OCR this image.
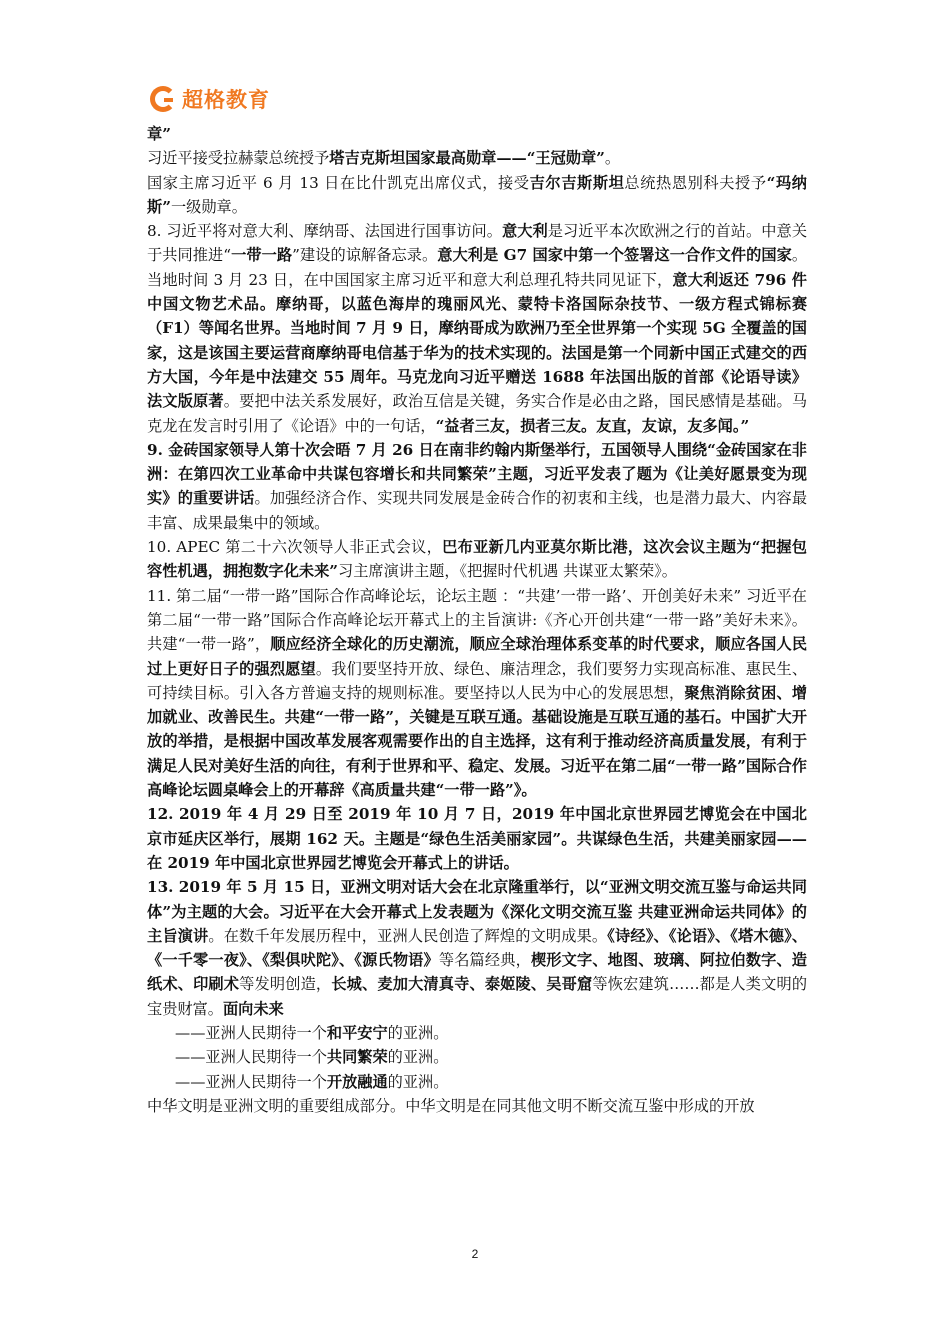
超格教育

章”

习近平接受拉赫蒙总统授予塔吉克斯坦国家最高勋章——“王冠勋章”。

国家主席习近平 6 月 13 日在比什凯克出席仪式，接受吉尔吉斯斯坦总统热恩别科夫授予“玛纳斯”一级勋章。

8. 习近平将对意大利、摩纳哥、法国进行国事访问。意大利是习近平本次欧洲之行的首站。中意关于共同推进“一带一路”建设的谅解备忘录。意大利是 G7 国家中第一个签署这一合作文件的国家。当地时间 3 月 23 日，在中国国家主席习近平和意大利总理孔特共同见证下，意大利返还 796 件中国文物艺术品。摩纳哥，以蓝色海岸的瑰丽风光、蒙特卡洛国际杂技节、一级方程式锦标赛（F1）等闻名世界。当地时间 7 月 9 日，摩纳哥成为欧洲乃至全世界第一个实现 5G 全覆盖的国家，这是该国主要运营商摩纳哥电信基于华为的技术实现的。法国是第一个同新中国正式建交的西方大国，今年是中法建交 55 周年。马克龙向习近平赠送 1688 年法国出版的首部《论语导读》法文版原著。要把中法关系发展好，政治互信是关键，务实合作是必由之路，国民感情是基础。马克龙在发言时引用了《论语》中的一句话，“益者三友，损者三友。友直，友谅，友多闻。”

9. 金砖国家领导人第十次会晤 7 月 26 日在南非约翰内斯堡举行，五国领导人围绕“金砖国家在非洲：在第四次工业革命中共谋包容增长和共同繁荣”主题，习近平发表了题为《让美好愿景变为现实》的重要讲话。加强经济合作、实现共同发展是金砖合作的初衷和主线，也是潜力最大、内容最丰富、成果最集中的领域。

10. APEC 第二十六次领导人非正式会议，巴布亚新几内亚莫尔斯比港，这次会议主题为“把握包容性机遇，拥抱数字化未来”习主席演讲主题，《把握时代机遇 共谋亚太繁荣》。

11. 第二届“一带一路”国际合作高峰论坛，论坛主题 ：“共建’一带一路’、开创美好未来” 习近平在第二届“一带一路”国际合作高峰论坛开幕式上的主旨演讲:《齐心开创共建“一带一路”美好未来》。共建“一带一路”，顺应经济全球化的历史潮流，顺应全球治理体系变革的时代要求，顺应各国人民过上更好日子的强烈愿望。我们要坚持开放、绿色、廉洁理念，我们要努力实现高标准、惠民生、可持续目标。引入各方普遍支持的规则标准。要坚持以人民为中心的发展思想，聚焦消除贫困、增加就业、改善民生。共建“一带一路”，关键是互联互通。基础设施是互联互通的基石。中国扩大开放的举措，是根据中国改革发展客观需要作出的自主选择，这有利于推动经济高质量发展，有利于满足人民对美好生活的向往，有利于世界和平、稳定、发展。习近平在第二届“一带一路”国际合作高峰论坛圆桌峰会上的开幕辞《高质量共建“一带一路”》。

12. 2019 年 4 月 29 日至 2019 年 10 月 7 日，2019 年中国北京世界园艺博览会在中国北京市延庆区举行，展期 162 天。主题是“绿色生活美丽家园”。共谋绿色生活，共建美丽家园——在 2019 年中国北京世界园艺博览会开幕式上的讲话。

13. 2019 年 5 月 15 日，亚洲文明对话大会在北京隆重举行，以“亚洲文明交流互鉴与命运共同体”为主题的大会。习近平在大会开幕式上发表题为《深化文明交流互鉴 共建亚洲命运共同体》的主旨演讲。在数千年发展历程中，亚洲人民创造了辉煌的文明成果。《诗经》、《论语》、《塔木德》、《一千零一夜》、《梨俱吠陀》、《源氏物语》等名篇经典，楔形文字、地图、玻璃、阿拉伯数字、造纸术、印刷术等发明创造，长城、麦加大清真寺、泰姬陵、吴哥窟等恢宏建筑……都是人类文明的宝贵财富。面向未来

——亚洲人民期待一个和平安宁的亚洲。

——亚洲人民期待一个共同繁荣的亚洲。

——亚洲人民期待一个开放融通的亚洲。

中华文明是亚洲文明的重要组成部分。中华文明是在同其他文明不断交流互鉴中形成的开放

2
